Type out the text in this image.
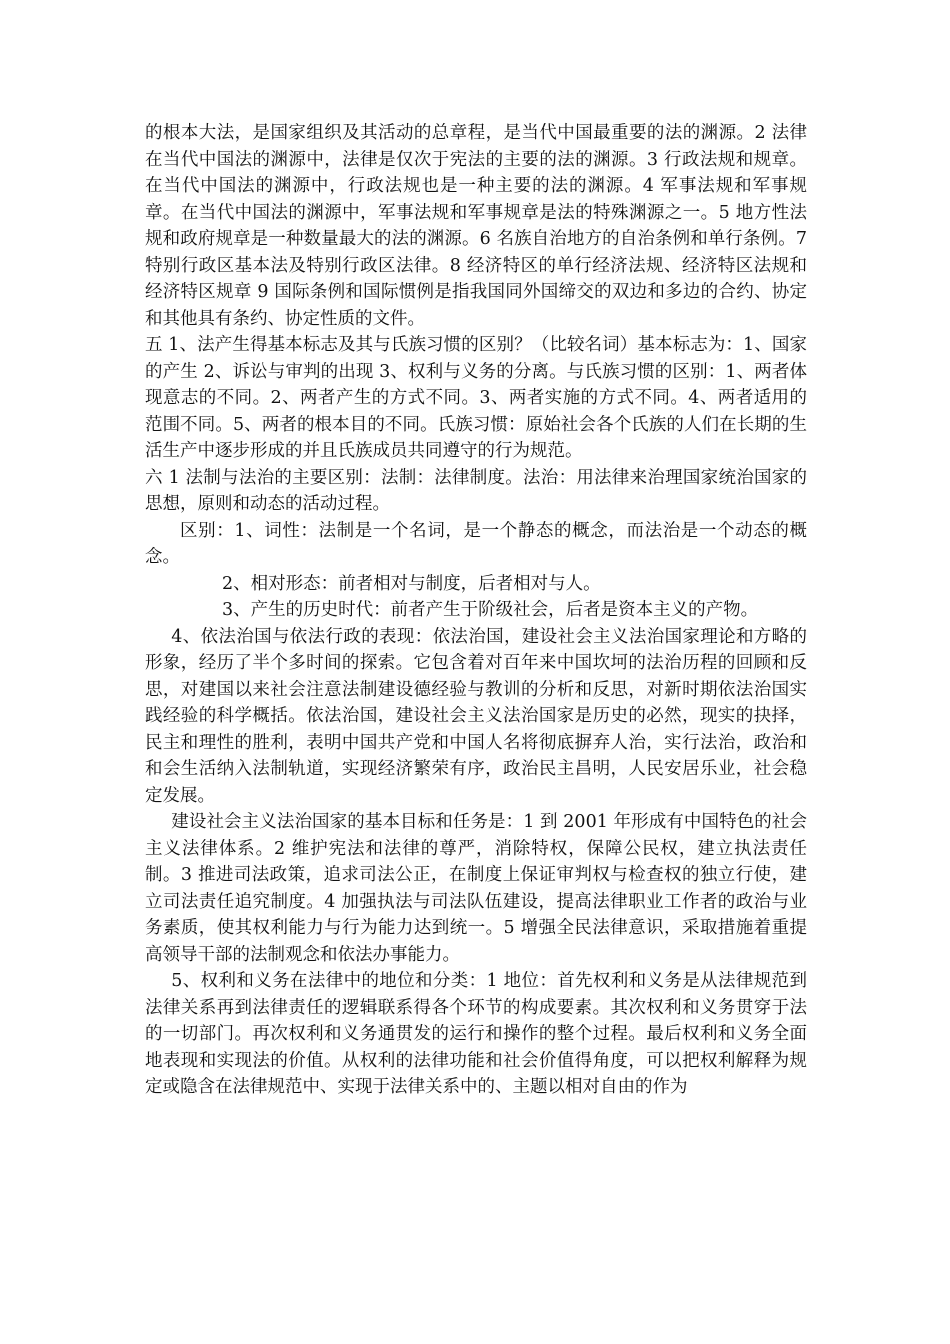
的根本大法，是国家组织及其活动的总章程，是当代中国最重要的法的渊源。2 法律在当代中国法的渊源中，法律是仅次于宪法的主要的法的渊源。3 行政法规和规章。在当代中国法的渊源中，行政法规也是一种主要的法的渊源。4 军事法规和军事规章。在当代中国法的渊源中，军事法规和军事规章是法的特殊渊源之一。5 地方性法规和政府规章是一种数量最大的法的渊源。6 名族自治地方的自治条例和单行条例。7 特别行政区基本法及特别行政区法律。8 经济特区的单行经济法规、经济特区法规和经济特区规章 9 国际条例和国际惯例是指我国同外国缔交的双边和多边的合约、协定和其他具有条约、协定性质的文件。

五 1、法产生得基本标志及其与氏族习惯的区别？（比较名词）基本标志为：1、国家的产生 2、诉讼与审判的出现 3、权利与义务的分离。与氏族习惯的区别：1、两者体现意志的不同。2、两者产生的方式不同。3、两者实施的方式不同。4、两者适用的范围不同。5、两者的根本目的不同。氏族习惯：原始社会各个氏族的人们在长期的生活生产中逐步形成的并且氏族成员共同遵守的行为规范。

六 1 法制与法治的主要区别：法制：法律制度。法治：用法律来治理国家统治国家的思想，原则和动态的活动过程。

区别：1、词性：法制是一个名词，是一个静态的概念，而法治是一个动态的概念。

2、相对形态：前者相对与制度，后者相对与人。

3、产生的历史时代：前者产生于阶级社会，后者是资本主义的产物。

4、依法治国与依法行政的表现：依法治国，建设社会主义法治国家理论和方略的形象，经历了半个多时间的探索。它包含着对百年来中国坎坷的法治历程的回顾和反思，对建国以来社会注意法制建设德经验与教训的分析和反思，对新时期依法治国实践经验的科学概括。依法治国，建设社会主义法治国家是历史的必然，现实的抉择，民主和理性的胜利，表明中国共产党和中国人名将彻底摒弃人治，实行法治，政治和和会生活纳入法制轨道，实现经济繁荣有序，政治民主昌明，人民安居乐业，社会稳定发展。

建设社会主义法治国家的基本目标和任务是：1 到 2001 年形成有中国特色的社会主义法律体系。2 维护宪法和法律的尊严，消除特权，保障公民权，建立执法责任制。3 推进司法政策，追求司法公正，在制度上保证审判权与检查权的独立行使，建立司法责任追究制度。4 加强执法与司法队伍建设，提高法律职业工作者的政治与业务素质，使其权利能力与行为能力达到统一。5 增强全民法律意识，采取措施着重提高领导干部的法制观念和依法办事能力。

5、权利和义务在法律中的地位和分类：1 地位：首先权利和义务是从法律规范到法律关系再到法律责任的逻辑联系得各个环节的构成要素。其次权利和义务贯穿于法的一切部门。再次权利和义务通贯发的运行和操作的整个过程。最后权利和义务全面地表现和实现法的价值。从权利的法律功能和社会价值得角度，可以把权利解释为规定或隐含在法律规范中、实现于法律关系中的、主题以相对自由的作为
